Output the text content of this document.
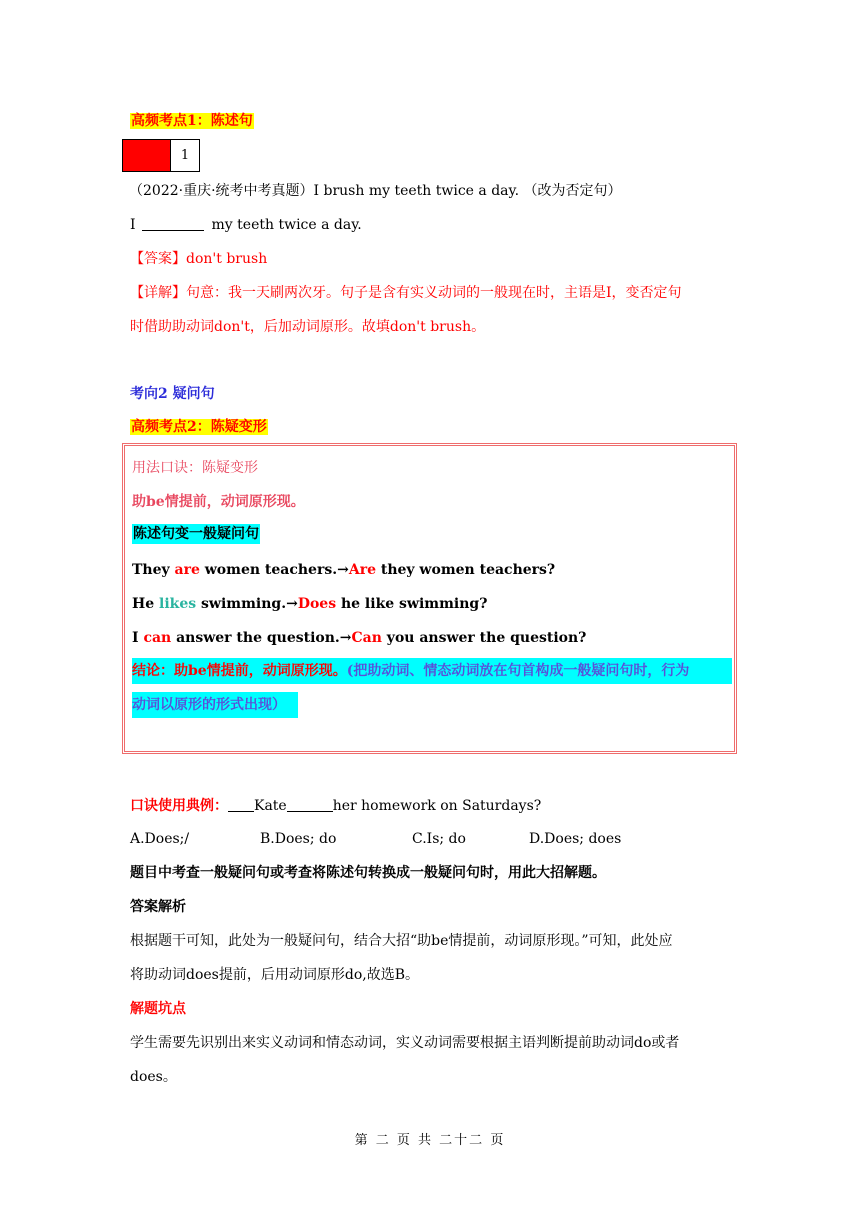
高频考点1：陈述句
1
（2022·重庆·统考中考真题）I brush my teeth twice a day. （改为否定句）
I	my teeth twice a day.
【答案】don't brush
【详解】句意：我一天刷两次牙。句子是含有实义动词的一般现在时，主语是I，变否定句
时借助助动词don't，后加动词原形。故填don't brush。
考向2 疑问句
高频考点2：陈疑变形
用法口诀：陈疑变形
助be情提前，动词原形现。
陈述句变一般疑问句
They are women teachers.→Are they women teachers?
He likes swimming.→Does he like swimming?
I can answer the question.→Can you answer the question?
结论：助be情提前，动词原形现。(把助动词、情态动词放在句首构成一般疑问句时，行为
动词以原形的形式出现）
口诀使用典例： Kate	her homework on Saturdays?
A.Does;/	B.Does; do	C.Is; do	D.Does; does
题目中考查一般疑问句或考查将陈述句转换成一般疑问句时，用此大招解题。
答案解析
根据题干可知，此处为一般疑问句，结合大招“助be情提前，动词原形现。”可知，此处应
将助动词does提前，后用动词原形do,故选B。
解题坑点
学生需要先识别出来实义动词和情态动词，实义动词需要根据主语判断提前助动词do或者
does。
第 二 页 共 二十二 页
